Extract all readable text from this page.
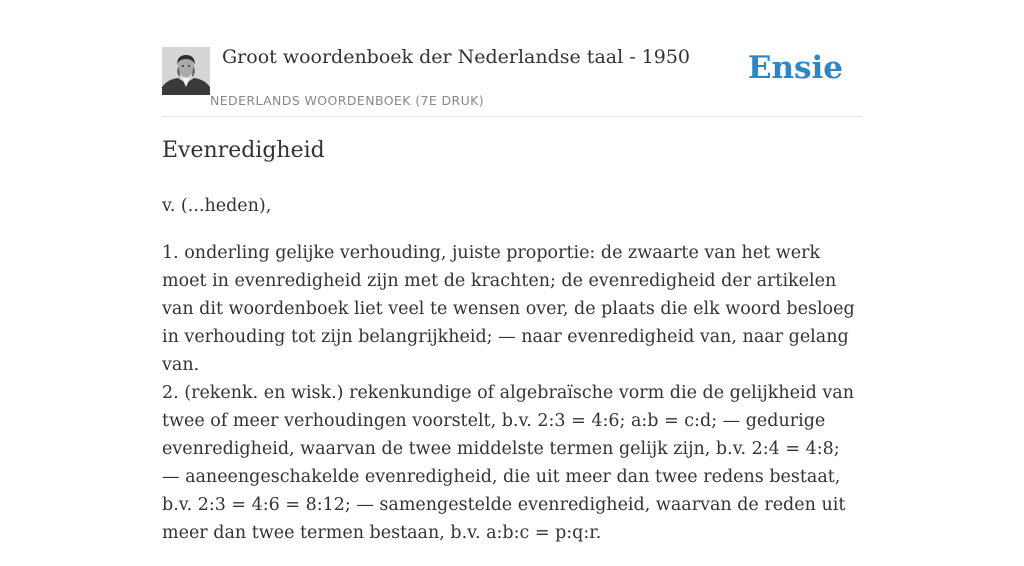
Groot woordenboek der Nederlandse taal - 1950
NEDERLANDS WOORDENBOEK (7E DRUK)
Ensie
Evenredigheid

v. (...heden),

1. onderling gelijke verhouding, juiste proportie: de zwaarte van het werk moet in evenredigheid zijn met de krachten; de evenredigheid der artikelen van dit woordenboek liet veel te wensen over, de plaats die elk woord besloeg in verhouding tot zijn belangrijkheid; — naar evenredigheid van, naar gelang van.
2. (rekenk. en wisk.) rekenkundige of algebraïsche vorm die de gelijkheid van twee of meer verhoudingen voorstelt, b.v. 2:3 = 4:6; a:b = c:d; — gedurige evenredigheid, waarvan de twee middelste termen gelijk zijn, b.v. 2:4 = 4:8; — aaneengeschakelde evenredigheid, die uit meer dan twee redens bestaat, b.v. 2:3 = 4:6 = 8:12; — samengestelde evenredigheid, waarvan de reden uit meer dan twee termen bestaan, b.v. a:b:c = p:q:r.
